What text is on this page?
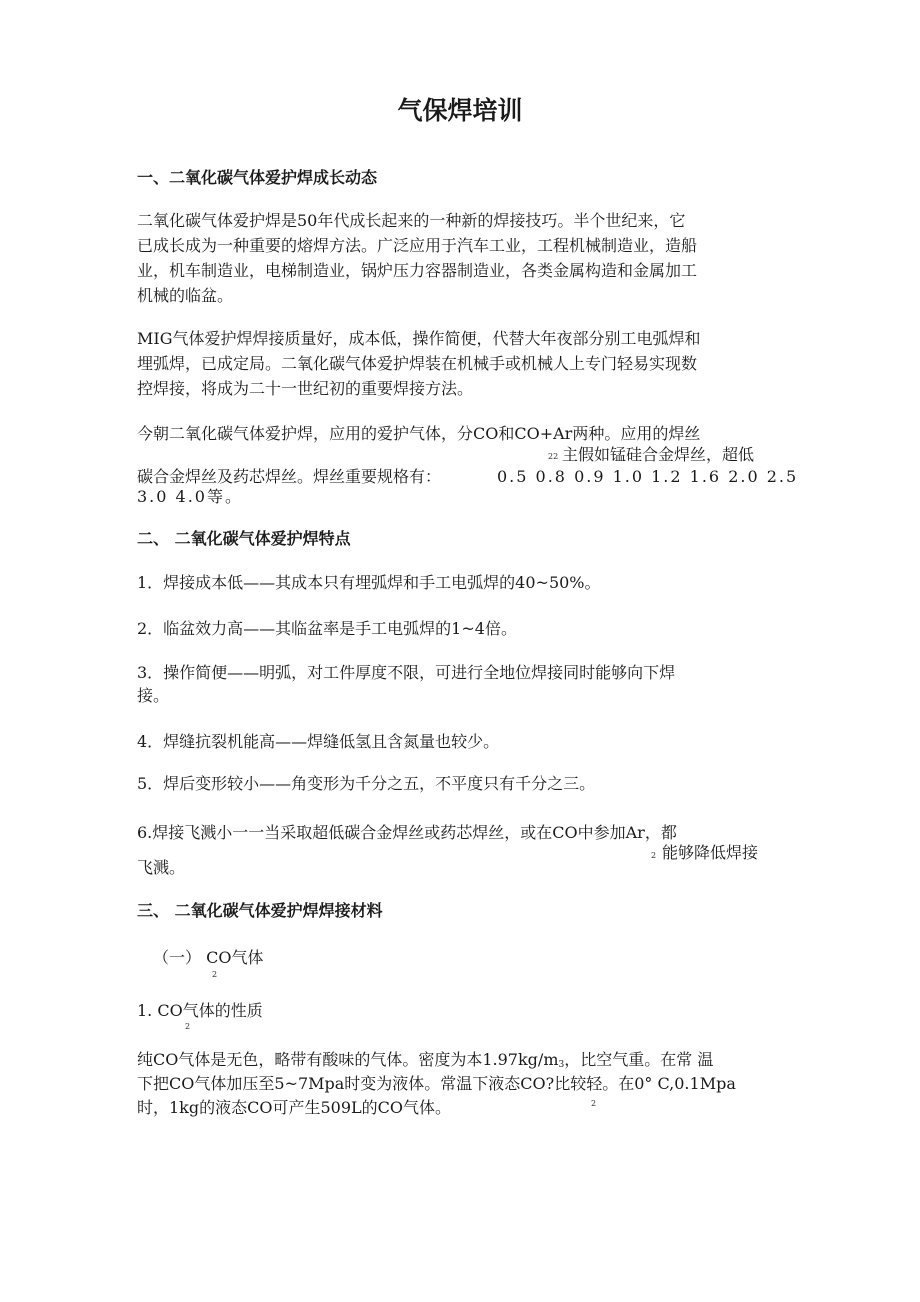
气保焊培训
一、二氧化碳气体爱护焊成长动态
二氧化碳气体爱护焊是50年代成长起来的一种新的焊接技巧。半个世纪来，它
已成长成为一种重要的熔焊方法。广泛应用于汽车工业，工程机械制造业，造船
业，机车制造业，电梯制造业，锅炉压力容器制造业，各类金属构造和金属加工
机械的临盆。
MIG气体爱护焊焊接质量好，成本低，操作简便，代替大年夜部分别工电弧焊和
埋弧焊，已成定局。二氧化碳气体爱护焊装在机械手或机械人上专门轻易实现数
控焊接，将成为二十一世纪初的重要焊接方法。
今朝二氧化碳气体爱护焊，应用的爱护气体，分CO和CO+Ar两种。应用的焊丝
22 主假如锰硅合金焊丝，超低
碳合金焊丝及药芯焊丝。焊丝重要规格有：	0.5 0.8 0.9 1.0 1.2 1.6 2.0 2.5
3.0 4.0等。
二、 二氧化碳气体爱护焊特点
1．焊接成本低——其成本只有埋弧焊和手工电弧焊的40~50%。
2．临盆效力高——其临盆率是手工电弧焊的1~4倍。
3．操作简便——明弧，对工件厚度不限，可进行全地位焊接同时能够向下焊
接。
4．焊缝抗裂机能高——焊缝低氢且含氮量也较少。
5．焊后变形较小——角变形为千分之五，不平度只有千分之三。
6.焊接飞溅小一一当采取超低碳合金焊丝或药芯焊丝，或在CO中参加Ar，都
2 能够降低焊接
飞溅。
三、 二氧化碳气体爱护焊焊接材料
（一） CO气体
2
1. CO气体的性质
2
纯CO气体是无色，略带有酸味的气体。密度为本1.97kg/m3，比空气重。在常 温
下把CO气体加压至5~7Mpa时变为液体。常温下液态CO?比较轻。在0° C,0.1Mpa
时，1kg的液态CO可产生509L的CO气体。	2
